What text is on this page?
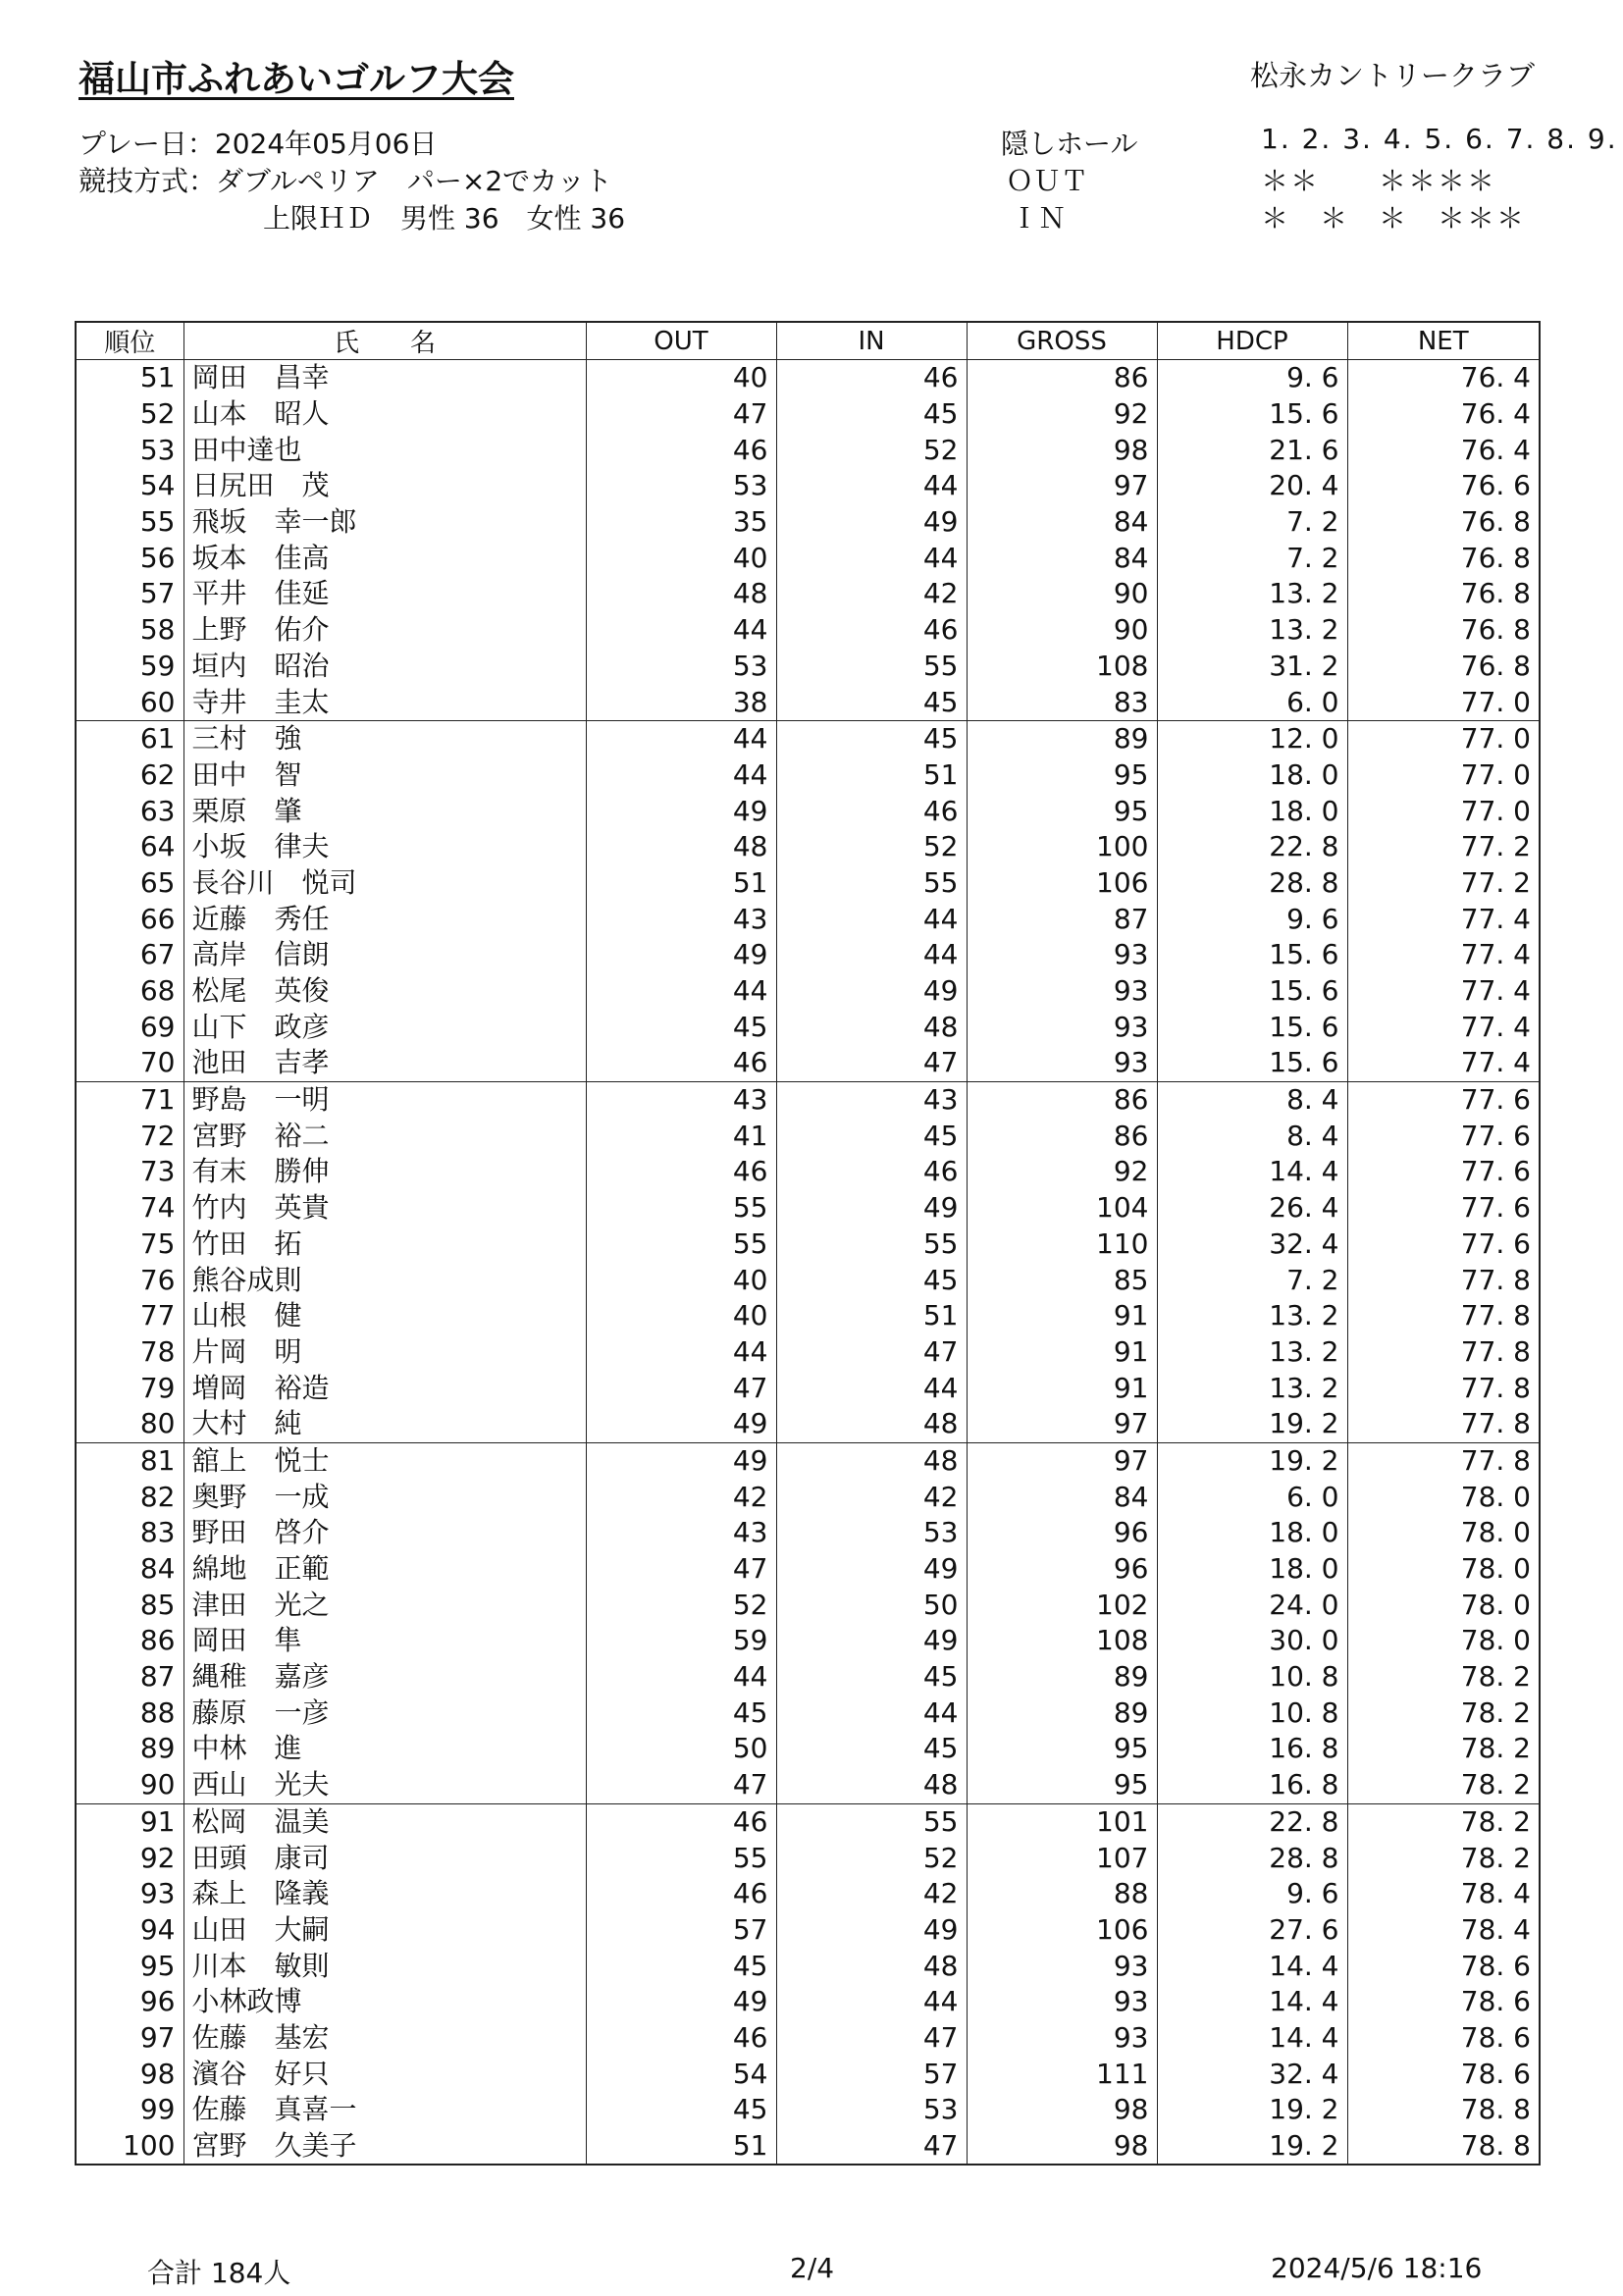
福山市ふれあいゴルフ大会	松永カントリークラブ
プレー日：2024年05月06日
競技方式：ダブルペリア　パー×2でカット
上限ＨＤ　男性 36　女性 36
隠しホール	1. 2. 3. 4. 5. 6. 7. 8. 9.
ＯＵＴ	＊＊　　＊＊＊＊
ＩＮ	＊　＊　＊　＊＊＊
順位	氏　　名	OUT	IN	GROSS	HDCP	NET
51	岡田　昌幸	40	46	86	9. 6	76. 4
52	山本　昭人	47	45	92	15. 6	76. 4
53	田中達也	46	52	98	21. 6	76. 4
54	日尻田　茂	53	44	97	20. 4	76. 6
55	飛坂　幸一郎	35	49	84	7. 2	76. 8
56	坂本　佳高	40	44	84	7. 2	76. 8
57	平井　佳延	48	42	90	13. 2	76. 8
58	上野　佑介	44	46	90	13. 2	76. 8
59	垣内　昭治	53	55	108	31. 2	76. 8
60	寺井　圭太	38	45	83	6. 0	77. 0
61	三村　強	44	45	89	12. 0	77. 0
62	田中　智	44	51	95	18. 0	77. 0
63	栗原　肇	49	46	95	18. 0	77. 0
64	小坂　律夫	48	52	100	22. 8	77. 2
65	長谷川　悦司	51	55	106	28. 8	77. 2
66	近藤　秀任	43	44	87	9. 6	77. 4
67	高岸　信朗	49	44	93	15. 6	77. 4
68	松尾　英俊	44	49	93	15. 6	77. 4
69	山下　政彦	45	48	93	15. 6	77. 4
70	池田　吉孝	46	47	93	15. 6	77. 4
71	野島　一明	43	43	86	8. 4	77. 6
72	宮野　裕二	41	45	86	8. 4	77. 6
73	有末　勝伸	46	46	92	14. 4	77. 6
74	竹内　英貴	55	49	104	26. 4	77. 6
75	竹田　拓	55	55	110	32. 4	77. 6
76	熊谷成則	40	45	85	7. 2	77. 8
77	山根　健	40	51	91	13. 2	77. 8
78	片岡　明	44	47	91	13. 2	77. 8
79	増岡　裕造	47	44	91	13. 2	77. 8
80	大村　純	49	48	97	19. 2	77. 8
81	舘上　悦士	49	48	97	19. 2	77. 8
82	奥野　一成	42	42	84	6. 0	78. 0
83	野田　啓介	43	53	96	18. 0	78. 0
84	綿地　正範	47	49	96	18. 0	78. 0
85	津田　光之	52	50	102	24. 0	78. 0
86	岡田　隼	59	49	108	30. 0	78. 0
87	縄稚　嘉彦	44	45	89	10. 8	78. 2
88	藤原　一彦	45	44	89	10. 8	78. 2
89	中林　進	50	45	95	16. 8	78. 2
90	西山　光夫	47	48	95	16. 8	78. 2
91	松岡　温美	46	55	101	22. 8	78. 2
92	田頭　康司	55	52	107	28. 8	78. 2
93	森上　隆義	46	42	88	9. 6	78. 4
94	山田　大嗣	57	49	106	27. 6	78. 4
95	川本　敏則	45	48	93	14. 4	78. 6
96	小林政博	49	44	93	14. 4	78. 6
97	佐藤　基宏	46	47	93	14. 4	78. 6
98	濱谷　好只	54	57	111	32. 4	78. 6
99	佐藤　真喜一	45	53	98	19. 2	78. 8
100	宮野　久美子	51	47	98	19. 2	78. 8
合計 184人	2/4	2024/5/6 18:16
